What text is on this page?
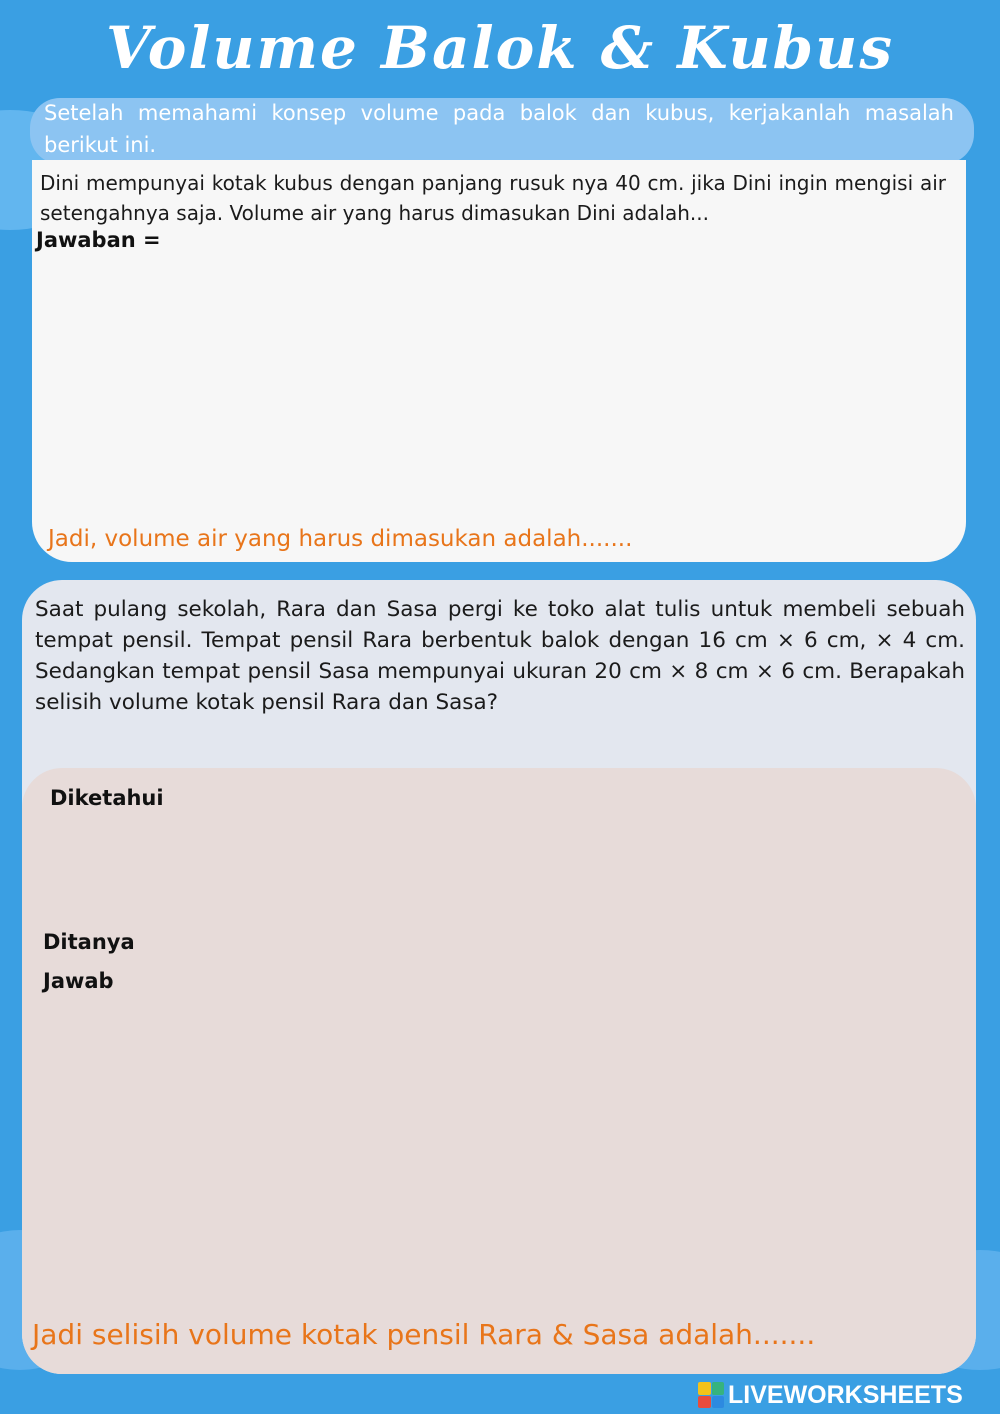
Volume Balok & Kubus
Setelah memahami konsep volume pada balok dan kubus, kerjakanlah masalah berikut ini.
Dini mempunyai kotak kubus dengan panjang rusuk nya 40 cm. jika Dini ingin mengisi air setengahnya saja. Volume air yang harus dimasukan Dini adalah...
Jawaban =
Jadi, volume air yang harus dimasukan adalah.......
Saat pulang sekolah, Rara dan Sasa pergi ke toko alat tulis untuk membeli sebuah tempat pensil. Tempat pensil Rara berbentuk balok dengan 16 cm × 6 cm, × 4 cm. Sedangkan tempat pensil Sasa mempunyai ukuran 20 cm × 8 cm × 6 cm. Berapakah selisih volume kotak pensil Rara dan Sasa?
Diketahui
Ditanya
Jawab
Jadi selisih volume kotak pensil Rara & Sasa adalah.......
LIVEWORKSHEETS
